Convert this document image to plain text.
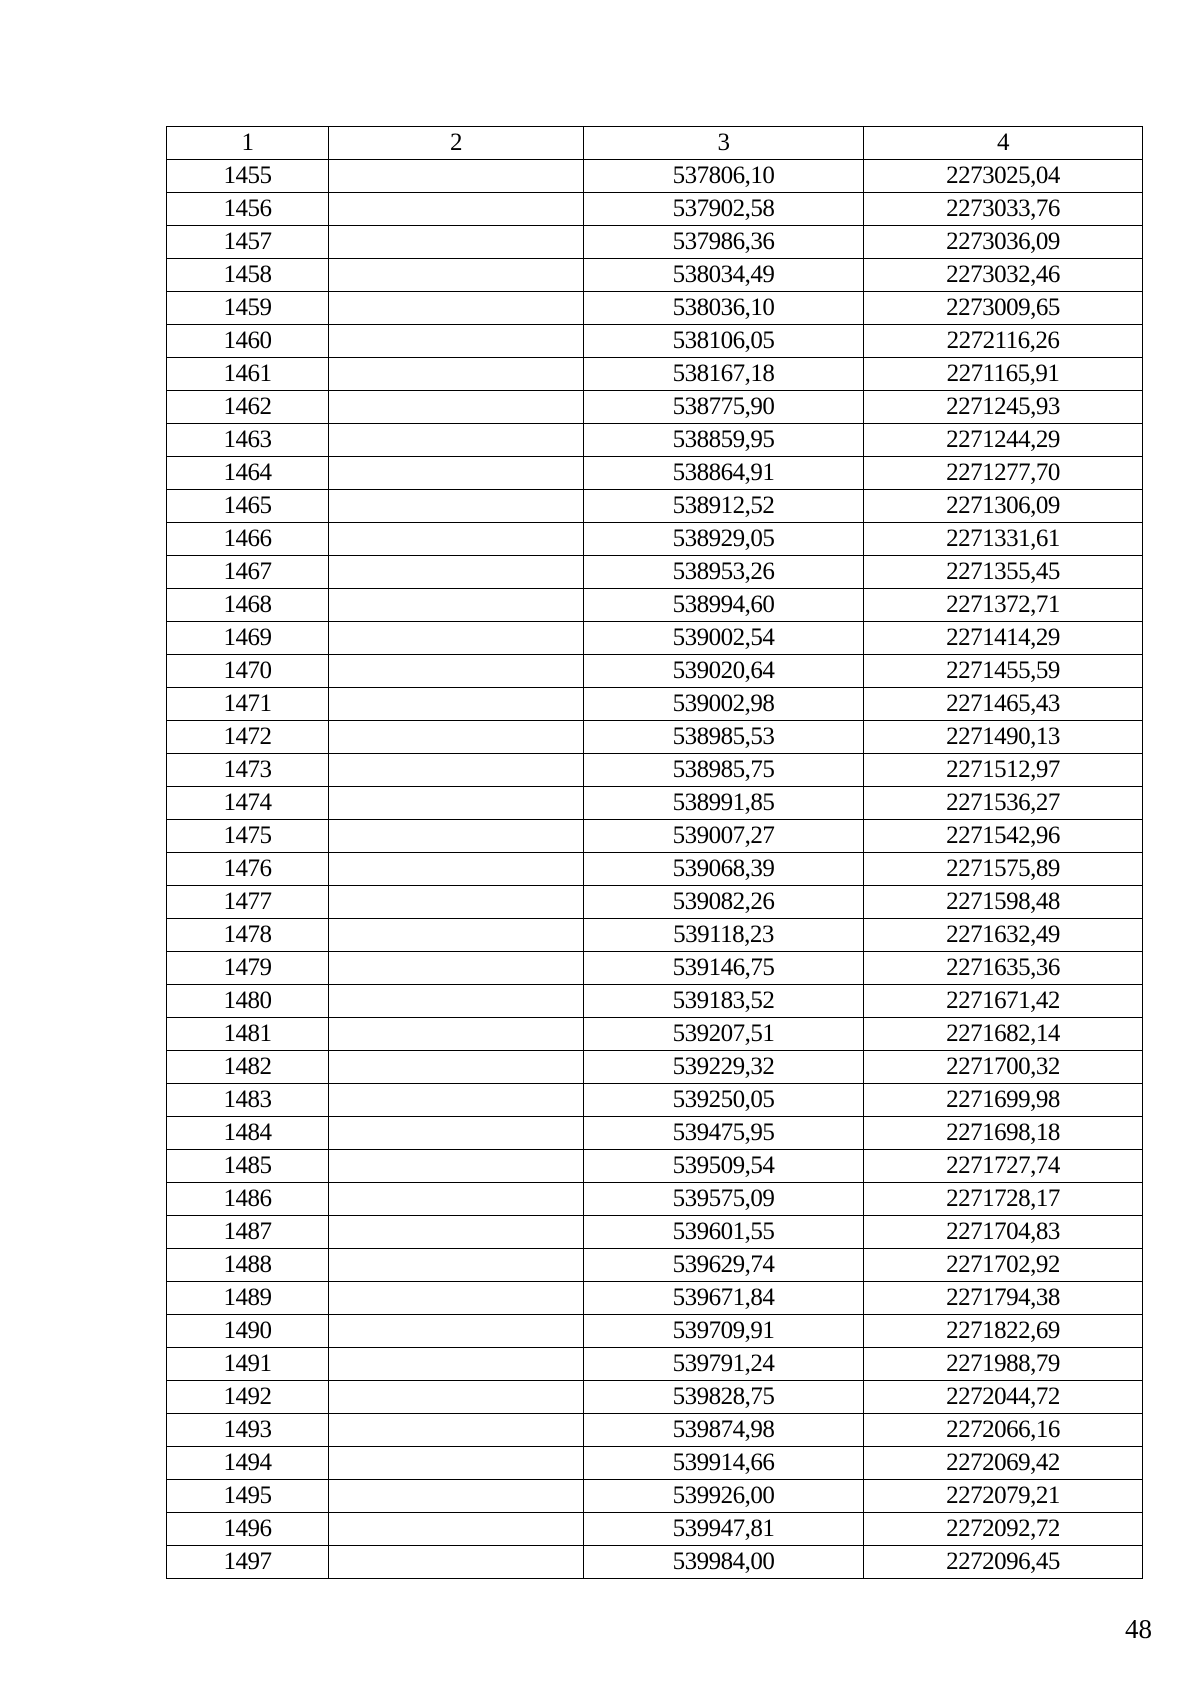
1	2	3	4
1455		537806,10	2273025,04
1456		537902,58	2273033,76
1457		537986,36	2273036,09
1458		538034,49	2273032,46
1459		538036,10	2273009,65
1460		538106,05	2272116,26
1461		538167,18	2271165,91
1462		538775,90	2271245,93
1463		538859,95	2271244,29
1464		538864,91	2271277,70
1465		538912,52	2271306,09
1466		538929,05	2271331,61
1467		538953,26	2271355,45
1468		538994,60	2271372,71
1469		539002,54	2271414,29
1470		539020,64	2271455,59
1471		539002,98	2271465,43
1472		538985,53	2271490,13
1473		538985,75	2271512,97
1474		538991,85	2271536,27
1475		539007,27	2271542,96
1476		539068,39	2271575,89
1477		539082,26	2271598,48
1478		539118,23	2271632,49
1479		539146,75	2271635,36
1480		539183,52	2271671,42
1481		539207,51	2271682,14
1482		539229,32	2271700,32
1483		539250,05	2271699,98
1484		539475,95	2271698,18
1485		539509,54	2271727,74
1486		539575,09	2271728,17
1487		539601,55	2271704,83
1488		539629,74	2271702,92
1489		539671,84	2271794,38
1490		539709,91	2271822,69
1491		539791,24	2271988,79
1492		539828,75	2272044,72
1493		539874,98	2272066,16
1494		539914,66	2272069,42
1495		539926,00	2272079,21
1496		539947,81	2272092,72
1497		539984,00	2272096,45
48
